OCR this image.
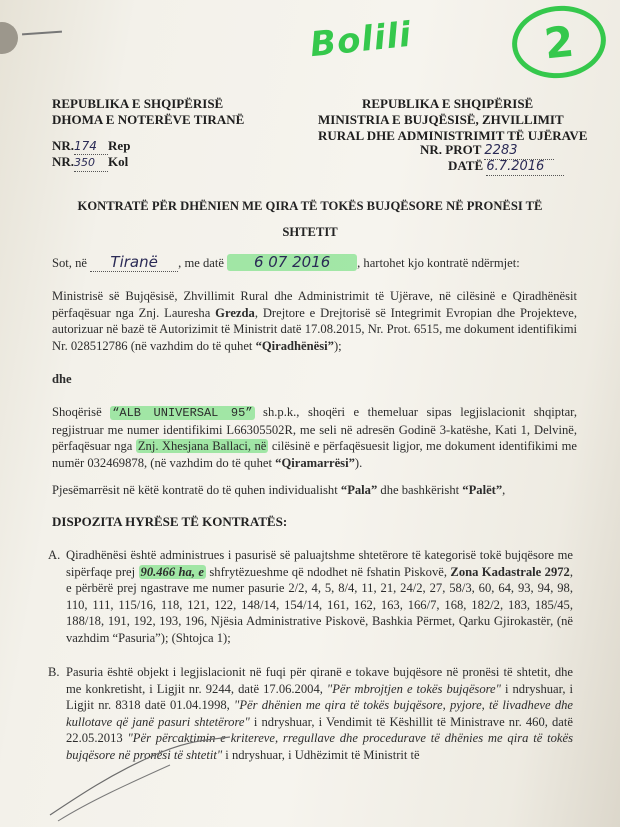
Bolili	2
REPUBLIKA E SHQIPËRISË
DHOMA E NOTERËVE TIRANË
NR.174 Rep
NR.350 Kol
REPUBLIKA E SHQIPËRISË
MINISTRIA E BUJQËSISË, ZHVILLIMIT
RURAL DHE ADMINISTRIMIT TË UJËRAVE
NR. PROT 2283
DATË 6.7.2016
KONTRATË PËR DHËNIEN ME QIRA TË TOKËS BUJQËSORE NË PRONËSI TË
SHTETIT
Sot, në Tiranë , me datë 6 07 2016 , hartohet kjo kontratë ndërmjet:
Ministrisë së Bujqësisë, Zhvillimit Rural dhe Administrimit të Ujërave, në cilësinë e Qiradhënësit përfaqësuar nga Znj. Lauresha Grezda, Drejtore e Drejtorisë së Integrimit Evropian dhe Projekteve, autorizuar në bazë të Autorizimit të Ministrit datë 17.08.2015, Nr. Prot. 6515, me dokument identifikimi Nr. 028512786 (në vazhdim do të quhet “Qiradhënësi”);
dhe
Shoqërisë “ALB UNIVERSAL 95” sh.p.k., shoqëri e themeluar sipas legjislacionit shqiptar, regjistruar me numer identifikimi L66305502R, me seli në adresën Godinë 3-katëshe, Kati 1, Delvinë, përfaqësuar nga Znj. Xhesjana Ballaci, në cilësinë e përfaqësuesit ligjor, me dokument identifikimi me numër 032469878, (në vazhdim do të quhet “Qiramarrësi”).
Pjesëmarrësit në këtë kontratë do të quhen individualisht “Pala” dhe bashkërisht “Palët”,
DISPOZITA HYRËSE TË KONTRATËS:
A. Qiradhënësi është administrues i pasurisë së paluajtshme shtetërore të kategorisë tokë bujqësore me sipërfaqe prej 90.466 ha, e shfrytëzueshme që ndodhet në fshatin Piskovë, Zona Kadastrale 2972, e përbërë prej ngastrave me numer pasurie 2/2, 4, 5, 8/4, 11, 21, 24/2, 27, 58/3, 60, 64, 93, 94, 98, 110, 111, 115/16, 118, 121, 122, 148/14, 154/14, 161, 162, 163, 166/7, 168, 182/2, 183, 185/45, 188/18, 191, 192, 193, 196, Njësia Administrative Piskovë, Bashkia Përmet, Qarku Gjirokastër, (në vazhdim “Pasuria”); (Shtojca 1);
B. Pasuria është objekt i legjislacionit në fuqi për qiranë e tokave bujqësore në pronësi të shtetit, dhe me konkretisht, i Ligjit nr. 9244, datë 17.06.2004, "Për mbrojtjen e tokës bujqësore" i ndryshuar, i Ligjit nr. 8318 datë 01.04.1998, "Për dhënien me qira të tokës bujqësore, pyjore, të livadheve dhe kullotave që janë pasuri shtetërore" i ndryshuar, i Vendimit të Këshillit të Ministrave nr. 460, datë 22.05.2013 "Për përcaktimin e kritereve, rregullave dhe procedurave të dhënies me qira të tokës bujqësore në pronësi të shtetit" i ndryshuar, i Udhëzimit të Ministrit të
